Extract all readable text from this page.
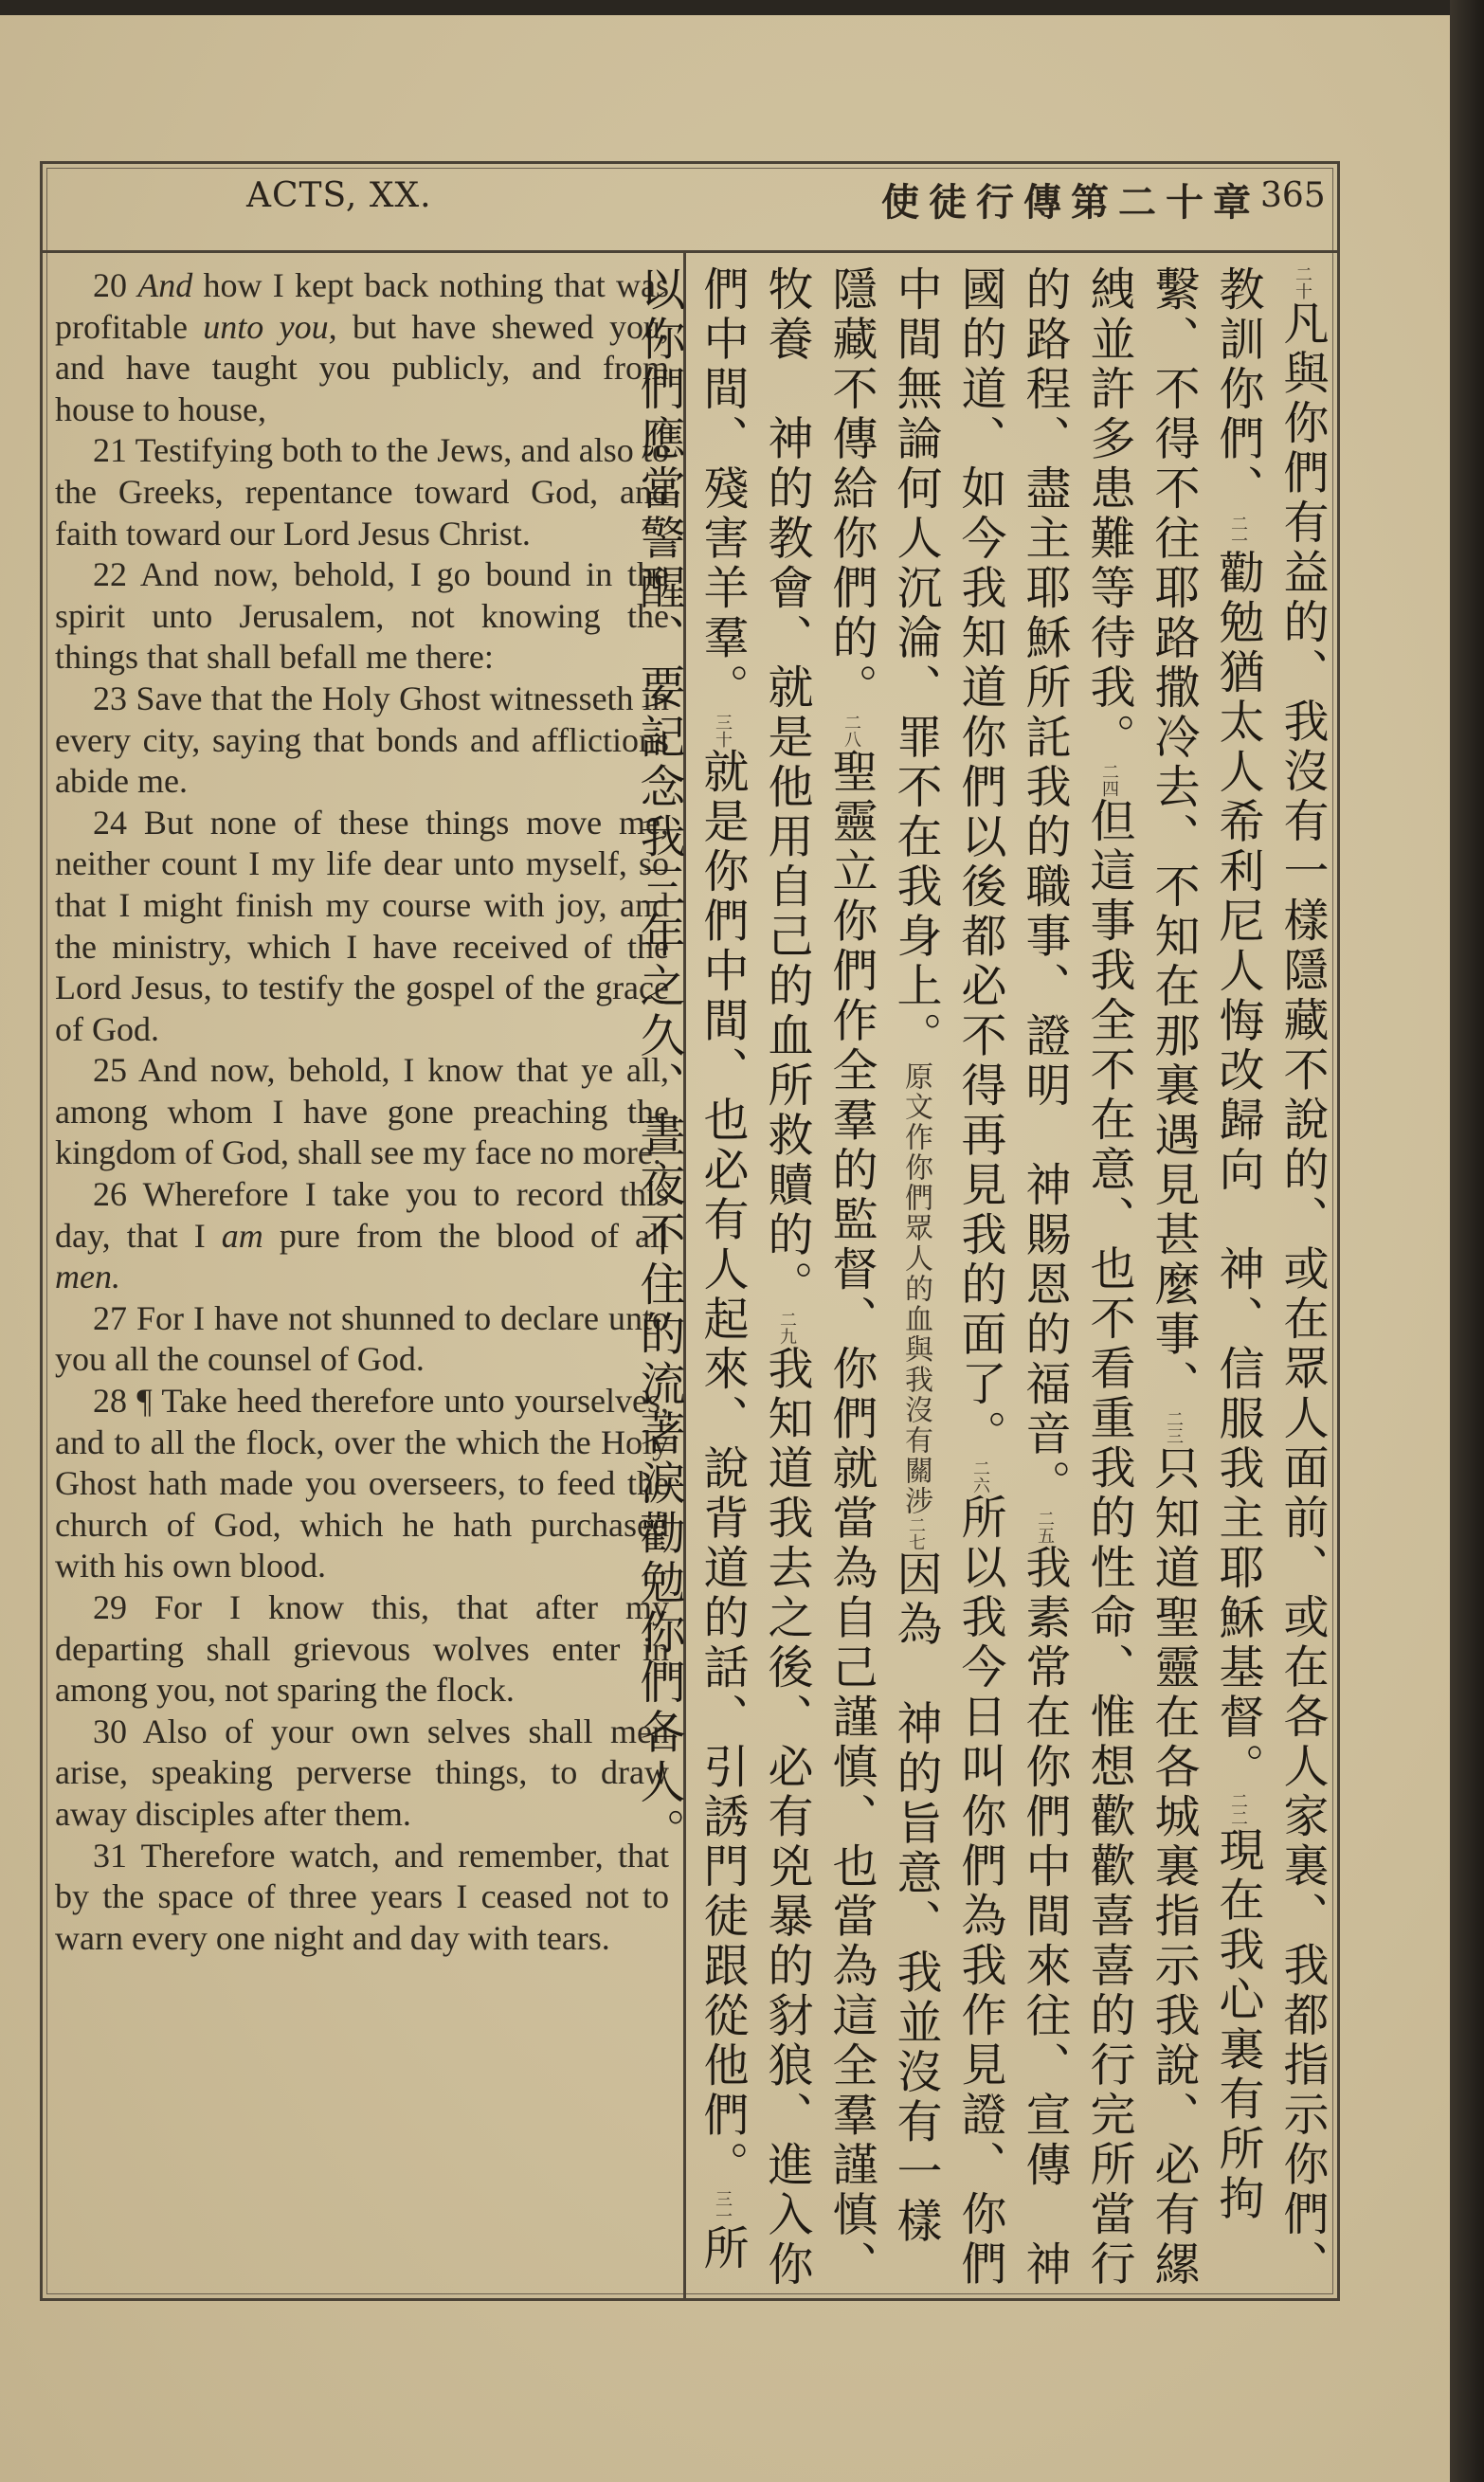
ACTS, XX.	使徒行傳第二十章 365

20 And how I kept back nothing that was profitable unto you, but have shewed you, and have taught you publicly, and from house to house,

21 Testifying both to the Jews, and also to the Greeks, repentance toward God, and faith toward our Lord Jesus Christ.

22 And now, behold, I go bound in the spirit unto Jerusalem, not knowing the things that shall befall me there:

23 Save that the Holy Ghost witnesseth in every city, saying that bonds and afflictions abide me.

24 But none of these things move me, neither count I my life dear unto myself, so that I might finish my course with joy, and the ministry, which I have received of the Lord Jesus, to testify the gospel of the grace of God.

25 And now, behold, I know that ye all, among whom I have gone preaching the kingdom of God, shall see my face no more.

26 Wherefore I take you to record this day, that I am pure from the blood of all men.

27 For I have not shunned to declare unto you all the counsel of God.

28 ¶ Take heed therefore unto yourselves, and to all the flock, over the which the Holy Ghost hath made you overseers, to feed the church of God, which he hath purchased with his own blood.

29 For I know this, that after my departing shall grievous wolves enter in among you, not sparing the flock.

30 Also of your own selves shall men arise, speaking perverse things, to draw away disciples after them.

31 Therefore watch, and remember, that by the space of three years I ceased not to warn every one night and day with tears.

二十凡與你們有益的、我沒有一樣隱藏不說的、或在眾人面前、或在各人家裏、我都指示你們、教訓你們、二一勸勉猶太人希利尼人悔改歸向　神、信服我主耶穌基督。二二現在我心裏有所拘繫、不得不往耶路撒冷去、不知在那裏遇見甚麼事、二三只知道聖靈在各城裏指示我說、必有縲絏並許多患難等待我。二四但這事我全不在意、也不看重我的性命、惟想歡歡喜喜的行完所當行的路程、盡主耶穌所託我的職事、證明　神賜恩的福音。二五我素常在你們中間來往、宣傳　神國的道、如今我知道你們以後都必不得再見我的面了。二六所以我今日叫你們為我作見證、你們中間無論何人沉淪、罪不在我身上。原文作你們眾人的血與我沒有關涉二七因為　神的旨意、我並沒有一樣隱藏不傳給你們的。二八聖靈立你們作全羣的監督、你們就當為自己謹慎、也當為這全羣謹慎、牧養　神的教會、就是他用自己的血所救贖的。二九我知道我去之後、必有兇暴的豺狼、進入你們中間、殘害羊羣。三十就是你們中間、也必有人起來、說背道的話、引誘門徒跟從他們。三一所以你們應當警醒、要記念我三年之久、晝夜不住的流著淚勸勉你們各人。
